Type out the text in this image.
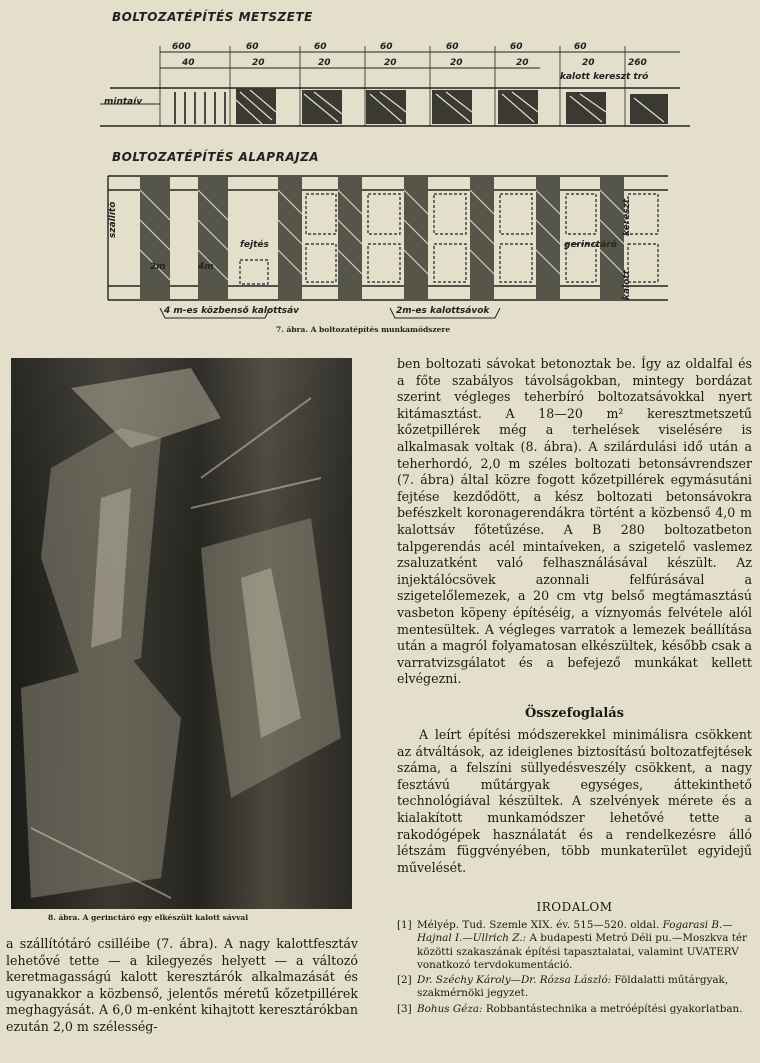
BOLTOZATÉPÍTÉS METSZETE
600	60	60	60	60	60	60
40	20	20	20	20	20	20	260
kalott kereszt tró
mintaív
BOLTOZATÉPÍTÉS ALAPRAJZA
szállító
fejtés
2m	4m
gerinctáró
kereszt
kalott
4 m-es közbenső kalottsáv	2m-es kalottsávok
7. ábra. A boltozatépítés munkamódszere
8. ábra. A gerinctáró egy elkészült kalott sávval

a szállítótáró csilléibe (7. ábra). A nagy kalottfesztáv lehetővé tette — a kilegyezés helyett — a változó keretmagasságú kalott keresztárók alkalmazását és ugyanakkor a közbenső, jelentős méretű kőzetpillérek meghagyását. A 6,0 m-enként kihajtott keresztárókban ezután 2,0 m szélesség-

ben boltozati sávokat betonoztak be. Így az oldalfal és a főte szabályos távolságokban, mintegy bordázat szerint végleges teherbíró boltozatsávokkal nyert kitámasztást. A 18—20 m² keresztmetszetű kőzetpillérek még a terhelések viselésére is alkalmasak voltak (8. ábra). A szilárdulási idő után a teherhordó, 2,0 m széles boltozati betonsávrendszer (7. ábra) által közre fogott kőzetpillérek egymásutáni fejtése kezdődött, a kész boltozati betonsávokra befészkelt koronagerendákra történt a közbenső 4,0 m kalottsáv főtetűzése. A B 280 boltozatbeton talpgerendás acél mintaíveken, a szigetelő vaslemez zsaluzatként való felhasználásával készült. Az injektálócsövek azonnali felfúrásával a szigetelőlemezek, a 20 cm vtg belső megtámasztású vasbeton köpeny építéséig, a víznyomás felvétele alól mentesültek. A végleges varratok a lemezek beállítása után a magról folyamatosan elkészültek, később csak a varratvizsgálatot és a befejező munkákat kellett elvégezni.

Összefoglalás

A leírt építési módszerekkel minimálisra csökkent az átváltások, az ideiglenes biztosítású boltozatfejtések száma, a felszíni süllyedésveszély csökkent, a nagy fesztávú műtárgyak egységes, áttekinthető technológiával készültek. A szelvények mérete és a kialakított munkamódszer lehetővé tette a rakodógépek használatát és a rendelkezésre álló létszám függvényében, több munkaterület egyidejű művelését.

IRODALOM
[1] Mélyép. Tud. Szemle XIX. év. 515—520. oldal. Fogarasi B.—Hajnal I.—Ullrich Z.: A budapesti Metró Déli pu.—Moszkva tér közötti szakaszának építési tapasztalatai, valamint UVATERV vonatkozó tervdokumentáció.
[2] Dr. Széchy Károly—Dr. Rózsa László: Földalatti műtárgyak, szakmérnöki jegyzet.
[3] Bohus Géza: Robbantástechnika a metróépítési gyakorlatban.
